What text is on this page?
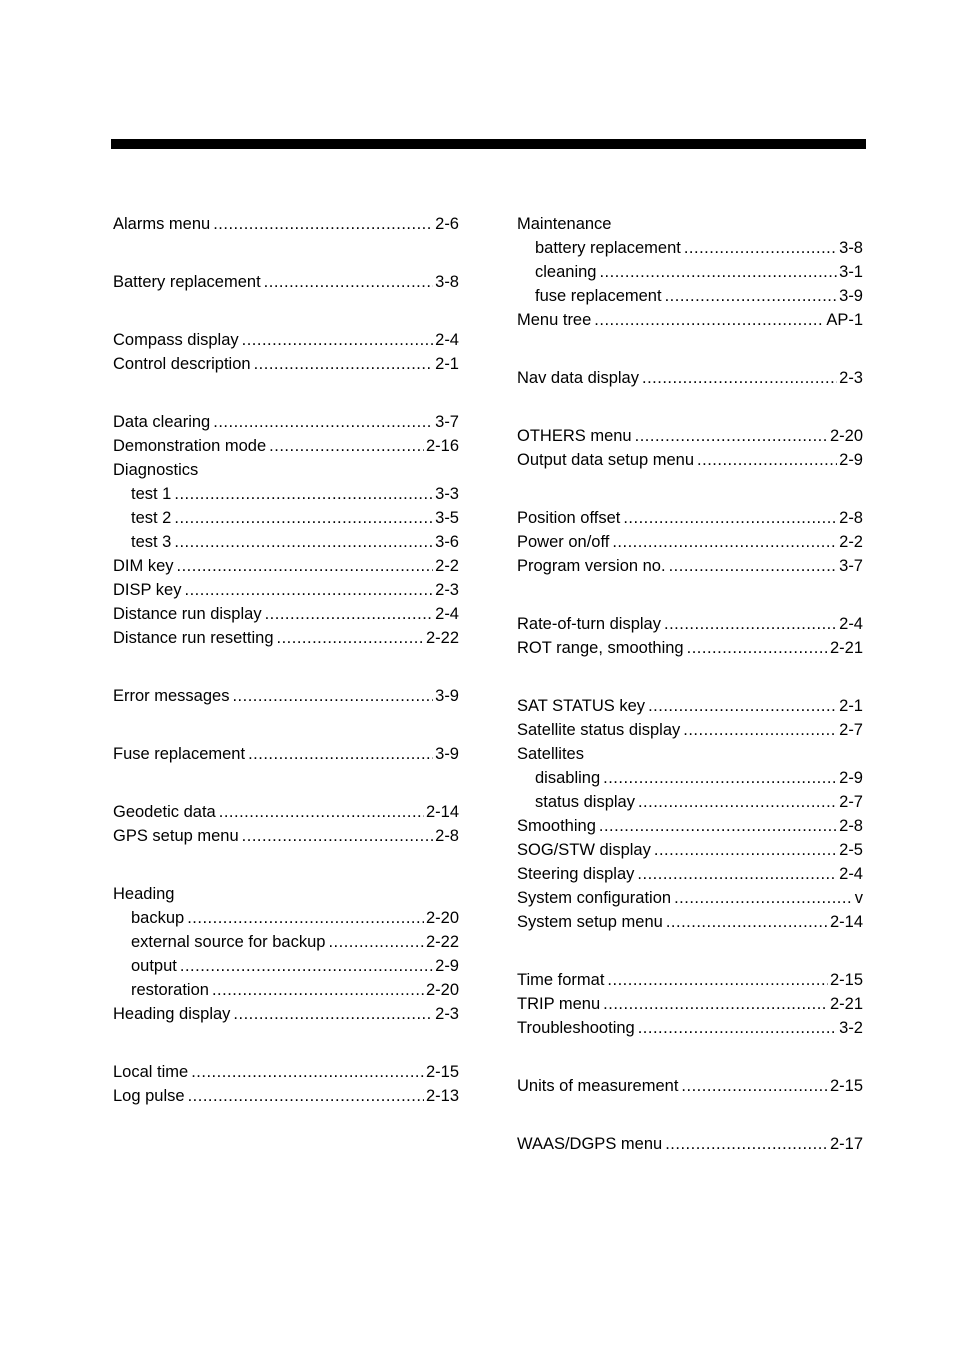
Alarms menu .....	2-6
Battery replacement .....	3-8
Compass display .....	2-4
Control description .....	2-1
Data clearing .....	3-7
Demonstration mode .....	2-16
Diagnostics
test 1 .....	3-3
test 2 .....	3-5
test 3 .....	3-6
DIM key .....	2-2
DISP key .....	2-3
Distance run display .....	2-4
Distance run resetting .....	2-22
Error messages .....	3-9
Fuse replacement .....	3-9
Geodetic data .....	2-14
GPS setup menu .....	2-8
Heading
backup .....	2-20
external source for backup .....	2-22
output .....	2-9
restoration .....	2-20
Heading display .....	2-3
Local time .....	2-15
Log pulse .....	2-13
Maintenance
battery replacement .....	3-8
cleaning .....	3-1
fuse replacement .....	3-9
Menu tree .....	AP-1
Nav data display .....	2-3
OTHERS menu .....	2-20
Output data setup menu .....	2-9
Position offset .....	2-8
Power on/off .....	2-2
Program version no. .....	3-7
Rate-of-turn display .....	2-4
ROT range, smoothing .....	2-21
SAT STATUS key .....	2-1
Satellite status display .....	2-7
Satellites
disabling .....	2-9
status display .....	2-7
Smoothing .....	2-8
SOG/STW display .....	2-5
Steering display .....	2-4
System configuration .....	v
System setup menu .....	2-14
Time format .....	2-15
TRIP menu .....	2-21
Troubleshooting .....	3-2
Units of measurement .....	2-15
WAAS/DGPS menu .....	2-17
